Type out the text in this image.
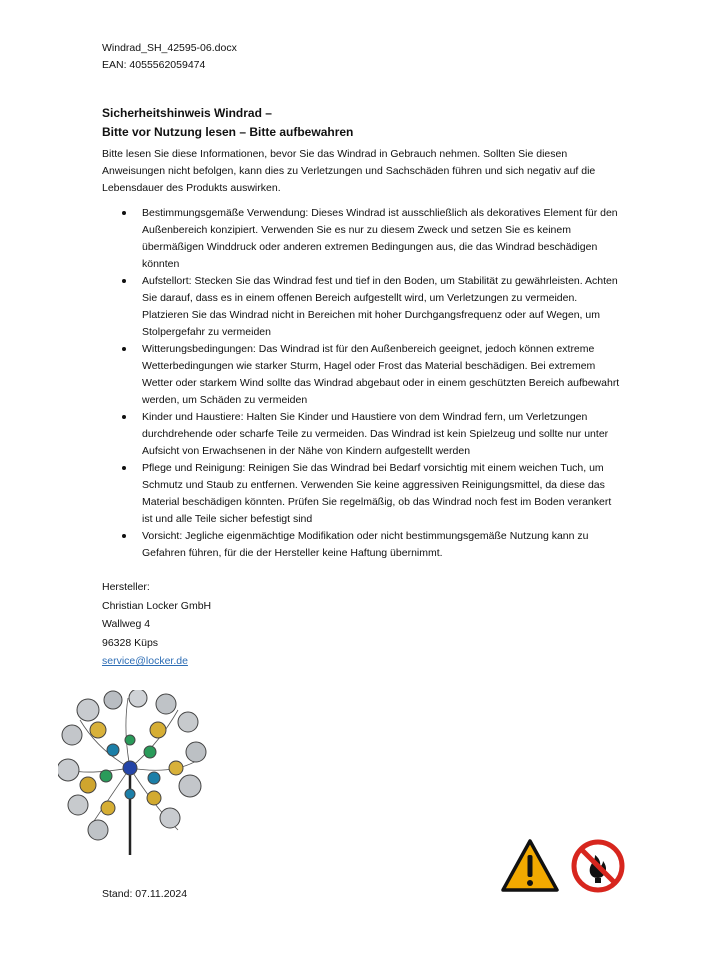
Windrad_SH_42595-06.docx
EAN: 4055562059474
Sicherheitshinweis Windrad –
Bitte vor Nutzung lesen – Bitte aufbewahren
Bitte lesen Sie diese Informationen, bevor Sie das Windrad in Gebrauch nehmen. Sollten Sie diesen Anweisungen nicht befolgen, kann dies zu Verletzungen und Sachschäden führen und sich negativ auf die Lebensdauer des Produkts auswirken.
Bestimmungsgemäße Verwendung: Dieses Windrad ist ausschließlich als dekoratives Element für den Außenbereich konzipiert. Verwenden Sie es nur zu diesem Zweck und setzen Sie es keinem übermäßigen Winddruck oder anderen extremen Bedingungen aus, die das Windrad beschädigen könnten
Aufstellort: Stecken Sie das Windrad fest und tief in den Boden, um Stabilität zu gewährleisten. Achten Sie darauf, dass es in einem offenen Bereich aufgestellt wird, um Verletzungen zu vermeiden. Platzieren Sie das Windrad nicht in Bereichen mit hoher Durchgangsfrequenz oder auf Wegen, um Stolpergefahr zu vermeiden
Witterungsbedingungen: Das Windrad ist für den Außenbereich geeignet, jedoch können extreme Wetterbedingungen wie starker Sturm, Hagel oder Frost das Material beschädigen. Bei extremem Wetter oder starkem Wind sollte das Windrad abgebaut oder in einem geschützten Bereich aufbewahrt werden, um Schäden zu vermeiden
Kinder und Haustiere: Halten Sie Kinder und Haustiere von dem Windrad fern, um Verletzungen durchdrehende oder scharfe Teile zu vermeiden. Das Windrad ist kein Spielzeug und sollte nur unter Aufsicht von Erwachsenen in der Nähe von Kindern aufgestellt werden
Pflege und Reinigung: Reinigen Sie das Windrad bei Bedarf vorsichtig mit einem weichen Tuch, um Schmutz und Staub zu entfernen. Verwenden Sie keine aggressiven Reinigungsmittel, da diese das Material beschädigen könnten. Prüfen Sie regelmäßig, ob das Windrad noch fest im Boden verankert ist und alle Teile sicher befestigt sind
Vorsicht: Jegliche eigenmächtige Modifikation oder nicht bestimmungsgemäße Nutzung kann zu Gefahren führen, für die der Hersteller keine Haftung übernimmt.
Hersteller:
Christian Locker GmbH
Wallweg 4
96328 Küps
service@locker.de

Stand: 07.11.2024
